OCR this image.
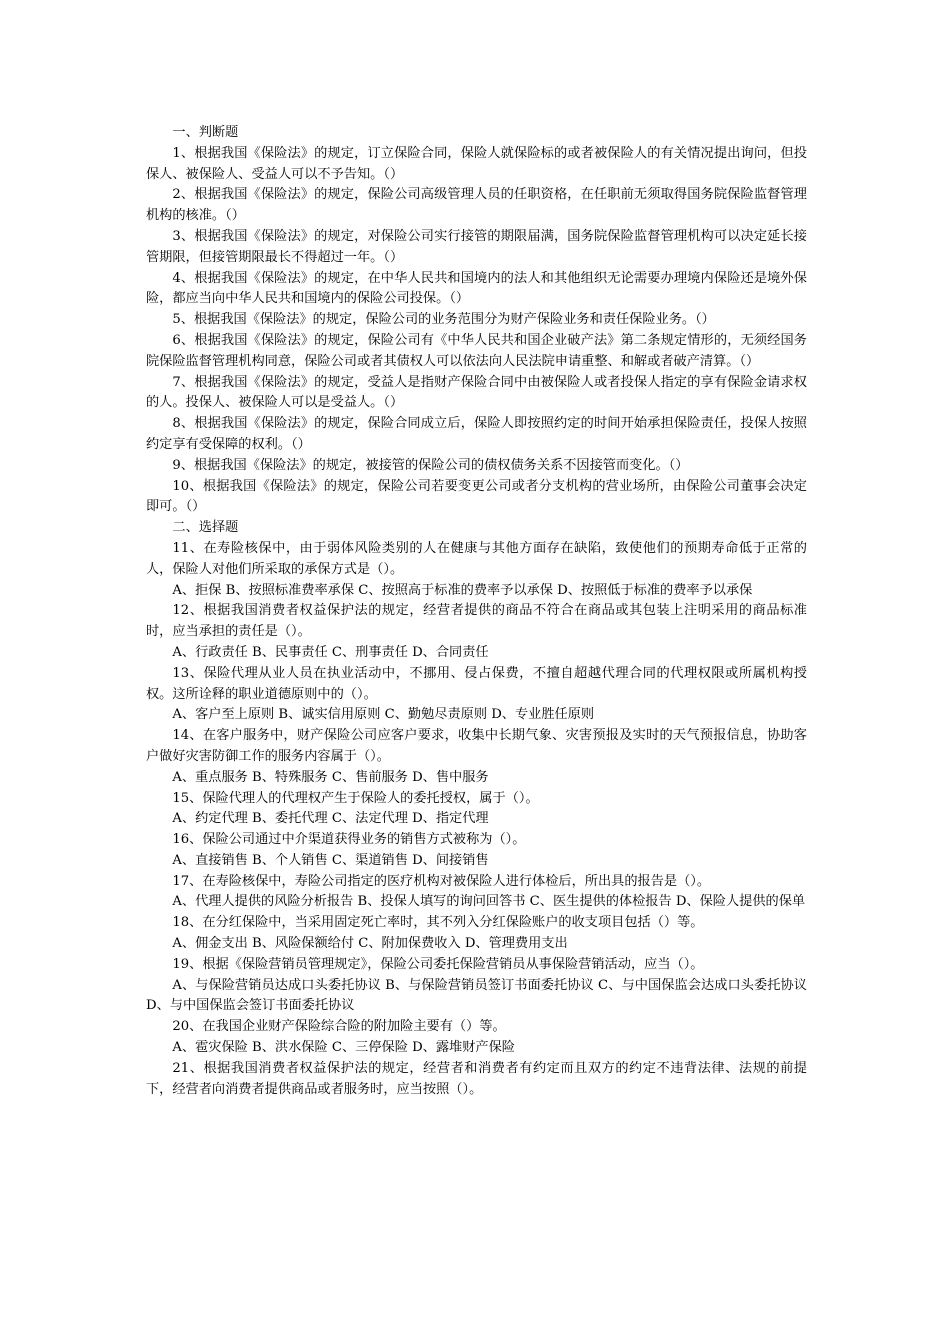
一、判断题

1、根据我国《保险法》的规定，订立保险合同，保险人就保险标的或者被保险人的有关情况提出询问，但投保人、被保险人、受益人可以不予告知。（）

2、根据我国《保险法》的规定，保险公司高级管理人员的任职资格，在任职前无须取得国务院保险监督管理机构的核准。（）

3、根据我国《保险法》的规定，对保险公司实行接管的期限届满，国务院保险监督管理机构可以决定延长接管期限，但接管期限最长不得超过一年。（）

4、根据我国《保险法》的规定，在中华人民共和国境内的法人和其他组织无论需要办理境内保险还是境外保险，都应当向中华人民共和国境内的保险公司投保。（）

5、根据我国《保险法》的规定，保险公司的业务范围分为财产保险业务和责任保险业务。（）

6、根据我国《保险法》的规定，保险公司有《中华人民共和国企业破产法》第二条规定情形的，无须经国务院保险监督管理机构同意，保险公司或者其债权人可以依法向人民法院申请重整、和解或者破产清算。（）

7、根据我国《保险法》的规定，受益人是指财产保险合同中由被保险人或者投保人指定的享有保险金请求权的人。投保人、被保险人可以是受益人。（）

8、根据我国《保险法》的规定，保险合同成立后，保险人即按照约定的时间开始承担保险责任，投保人按照约定享有受保障的权利。（）

9、根据我国《保险法》的规定，被接管的保险公司的债权债务关系不因接管而变化。（）

10、根据我国《保险法》的规定，保险公司若要变更公司或者分支机构的营业场所，由保险公司董事会决定即可。（）

二、选择题

11、在寿险核保中，由于弱体风险类别的人在健康与其他方面存在缺陷，致使他们的预期寿命低于正常的人，保险人对他们所采取的承保方式是（）。

A、拒保 B、按照标准费率承保 C、按照高于标准的费率予以承保 D、按照低于标准的费率予以承保

12、根据我国消费者权益保护法的规定，经营者提供的商品不符合在商品或其包装上注明采用的商品标准时，应当承担的责任是（）。

A、行政责任 B、民事责任 C、刑事责任 D、合同责任

13、保险代理从业人员在执业活动中，不挪用、侵占保费，不擅自超越代理合同的代理权限或所属机构授权。这所诠释的职业道德原则中的（）。

A、客户至上原则 B、诚实信用原则 C、勤勉尽责原则 D、专业胜任原则

14、在客户服务中，财产保险公司应客户要求，收集中长期气象、灾害预报及实时的天气预报信息，协助客户做好灾害防御工作的服务内容属于（）。

A、重点服务 B、特殊服务 C、售前服务 D、售中服务

15、保险代理人的代理权产生于保险人的委托授权，属于（）。

A、约定代理 B、委托代理 C、法定代理 D、指定代理

16、保险公司通过中介渠道获得业务的销售方式被称为（）。

A、直接销售 B、个人销售 C、渠道销售 D、间接销售

17、在寿险核保中，寿险公司指定的医疗机构对被保险人进行体检后，所出具的报告是（）。

A、代理人提供的风险分析报告 B、投保人填写的询问回答书 C、医生提供的体检报告 D、保险人提供的保单

18、在分红保险中，当采用固定死亡率时，其不列入分红保险账户的收支项目包括（）等。

A、佣金支出 B、风险保额给付 C、附加保费收入 D、管理费用支出

19、根据《保险营销员管理规定》，保险公司委托保险营销员从事保险营销活动，应当（）。

A、与保险营销员达成口头委托协议 B、与保险营销员签订书面委托协议 C、与中国保监会达成口头委托协议 D、与中国保监会签订书面委托协议

20、在我国企业财产保险综合险的附加险主要有（）等。

A、雹灾保险 B、洪水保险 C、三停保险 D、露堆财产保险

21、根据我国消费者权益保护法的规定，经营者和消费者有约定而且双方的约定不违背法律、法规的前提下，经营者向消费者提供商品或者服务时，应当按照（）。
